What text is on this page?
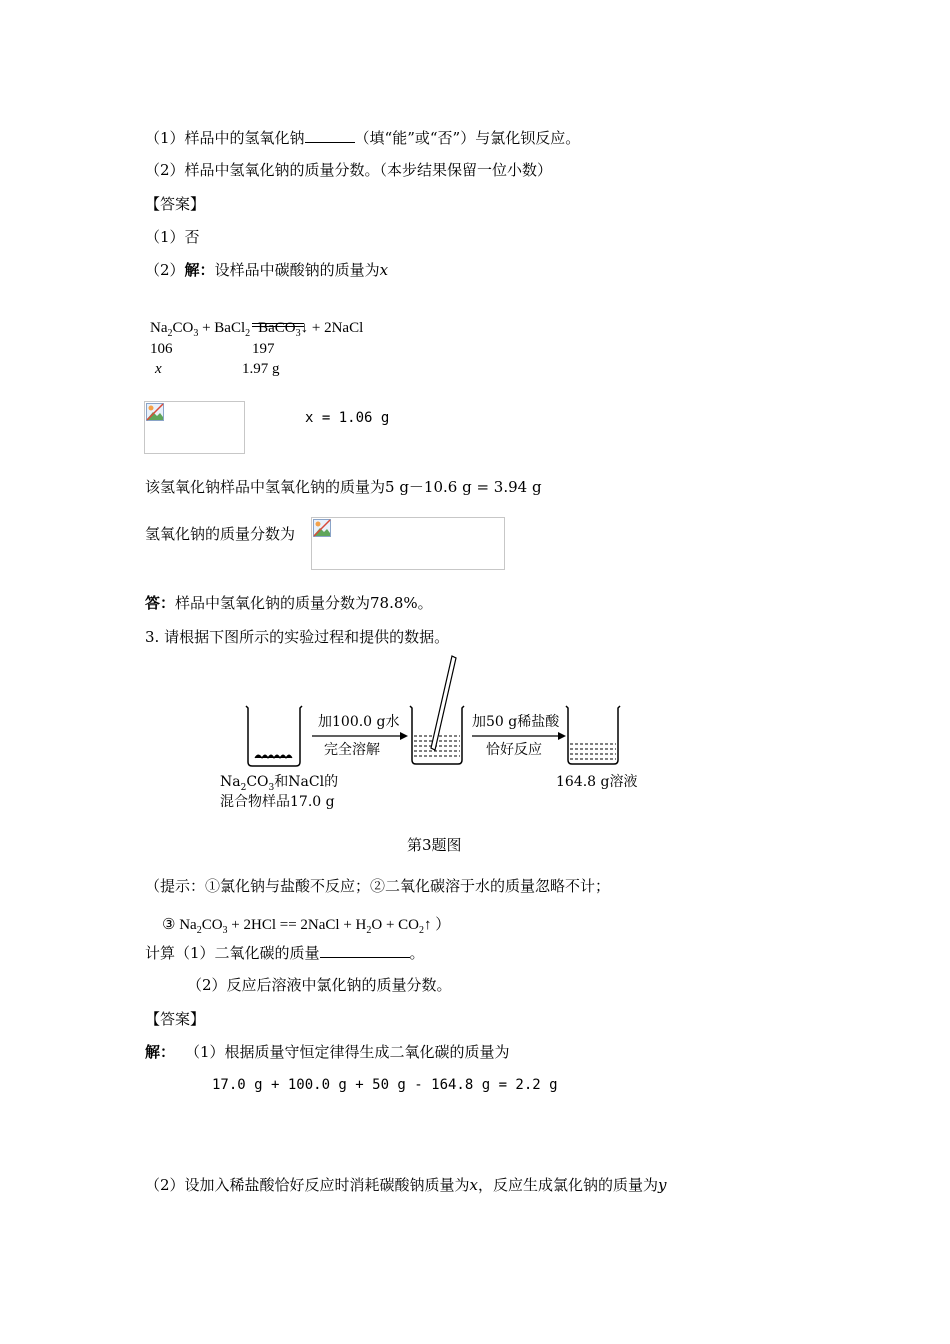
（1）样品中的氢氧化钠	（填“能”或“否”）与氯化钡反应。
（2）样品中氢氧化钠的质量分数。（本步结果保留一位小数）
【答案】
（1）否
（2）解：设样品中碳酸钠的质量为x
$Na_2CO_3$ + BaCl$_2$ BaCO$_3$↓ + 2NaCl
106	197
x	1.97 g
x = 1.06 g
该氢氧化钠样品中氢氧化钠的质量为5 g－10.6 g = 3.94 g
氢氧化钠的质量分数为
答：样品中氢氧化钠的质量分数为78.8%。
3. 请根据下图所示的实验过程和提供的数据。
加100.0 g水
完全溶解
加50 g稀盐酸
恰好反应
$Na_2CO_3$和NaCl的
混合物样品17.0 g
164.8 g溶液
第3题图
（提示：①氯化钠与盐酸不反应；②二氧化碳溶于水的质量忽略不计；
③ $Na_2CO_3 + 2HCl$ == 2NaCl + $H_2O$ + $CO_2↑$ ）
计算（1）二氧化碳的质量	。
（2）反应后溶液中氯化钠的质量分数。
【答案】
解： （1）根据质量守恒定律得生成二氧化碳的质量为
17.0 g + 100.0 g + 50 g - 164.8 g = 2.2 g
（2）设加入稀盐酸恰好反应时消耗碳酸钠质量为x，反应生成氯化钠的质量为y
